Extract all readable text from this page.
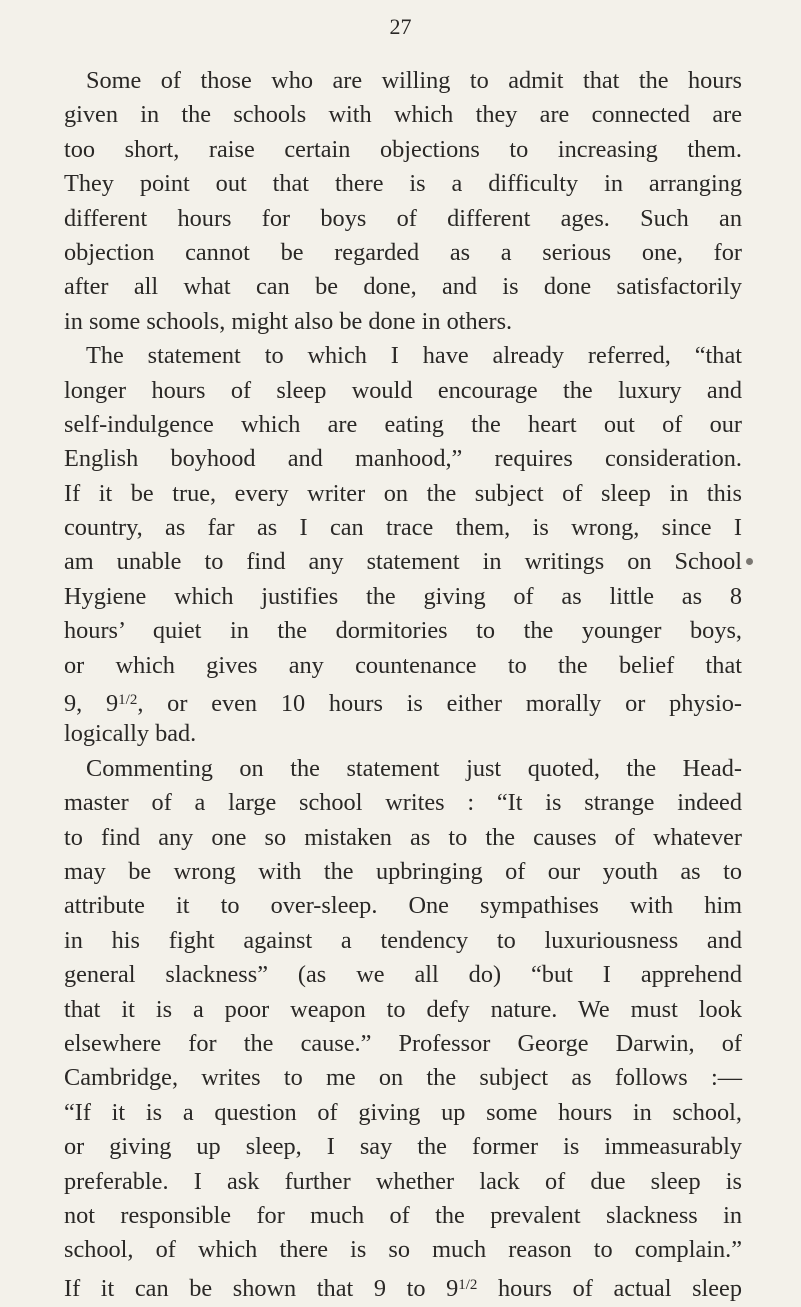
27
Some of those who are willing to admit that the hours
given in the schools with which they are connected are
too short, raise certain objections to increasing them.
They point out that there is a difficulty in arranging
different hours for boys of different ages. Such an
objection cannot be regarded as a serious one, for
after all what can be done, and is done satisfactorily
in some schools, might also be done in others.
The statement to which I have already referred, “that
longer hours of sleep would encourage the luxury and
self-indulgence which are eating the heart out of our
English boyhood and manhood,” requires consideration.
If it be true, every writer on the subject of sleep in this
country, as far as I can trace them, is wrong, since I
am unable to find any statement in writings on School
Hygiene which justifies the giving of as little as 8
hours’ quiet in the dormitories to the younger boys,
or which gives any countenance to the belief that
9, $9^{1/2}$, or even 10 hours is either morally or physio-
logically bad.
Commenting on the statement just quoted, the Head-
master of a large school writes : “It is strange indeed
to find any one so mistaken as to the causes of whatever
may be wrong with the upbringing of our youth as to
attribute it to over-sleep. One sympathises with him
in his fight against a tendency to luxuriousness and
general slackness” (as we all do) “but I apprehend
that it is a poor weapon to defy nature. We must look
elsewhere for the cause.” Professor George Darwin, of
Cambridge, writes to me on the subject as follows :—
“If it is a question of giving up some hours in school,
or giving up sleep, I say the former is immeasurably
preferable. I ask further whether lack of due sleep is
not responsible for much of the prevalent slackness in
school, of which there is so much reason to complain.”
If it can be shown that 9 to $9^{1/2}$ hours of actual sleep
